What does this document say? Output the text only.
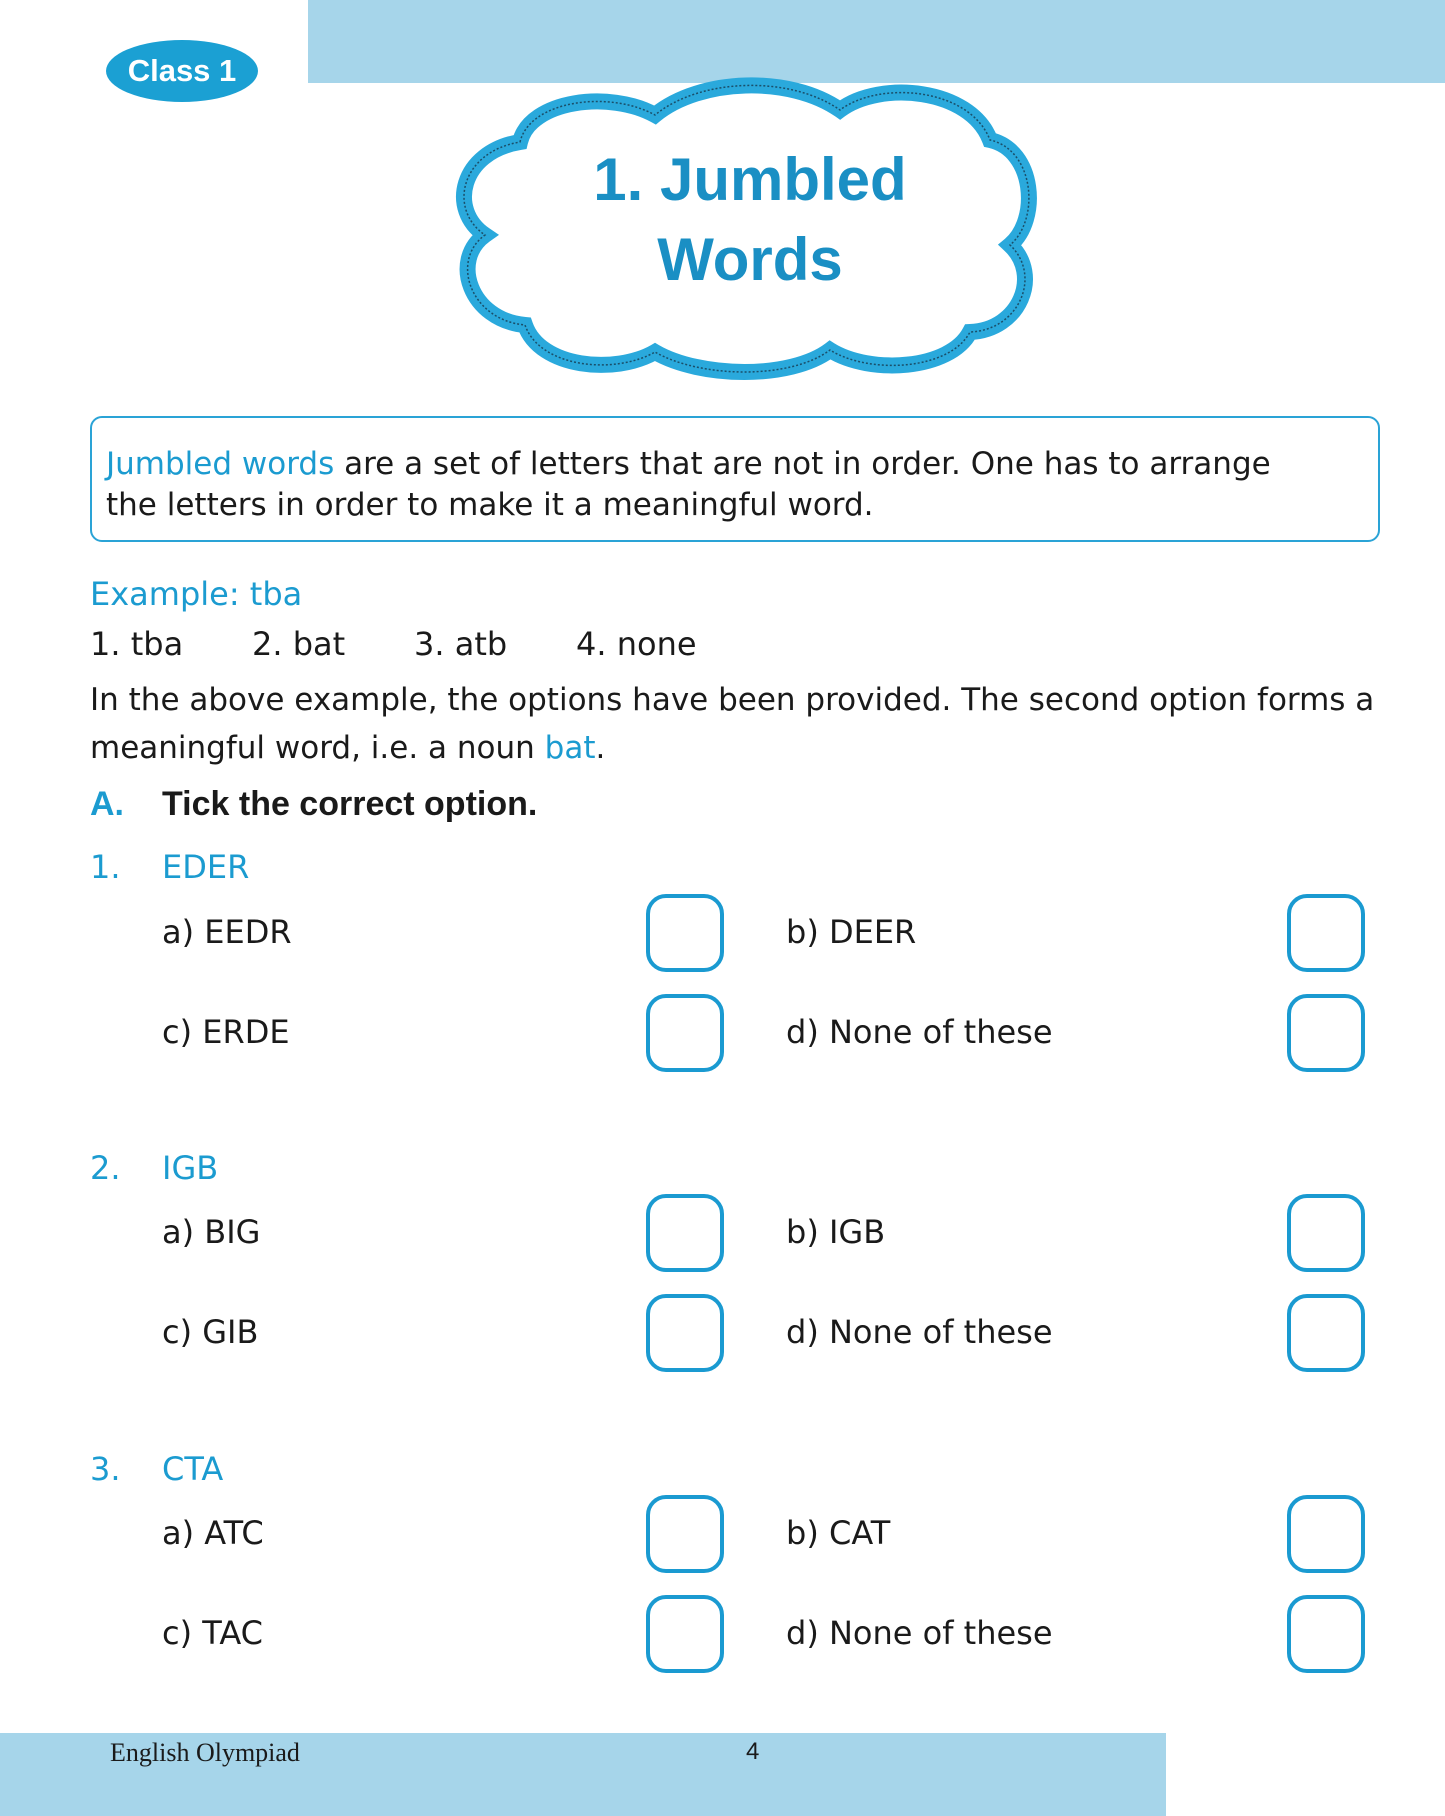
Class 1
1. Jumbled
Words
Jumbled words are a set of letters that are not in order. One has to arrange
the letters in order to make it a meaningful word.
Example: tba
1. tba 2. bat 3. atb 4. none
In the above example, the options have been provided. The second option forms a
meaningful word, i.e. a noun bat.
A. Tick the correct option.
1. EDER
a) EEDR	b) DEER
c) ERDE	d) None of these
2. IGB
a) BIG	b) IGB
c) GIB	d) None of these
3. CTA
a) ATC	b) CAT
c) TAC	d) None of these
English Olympiad	4
